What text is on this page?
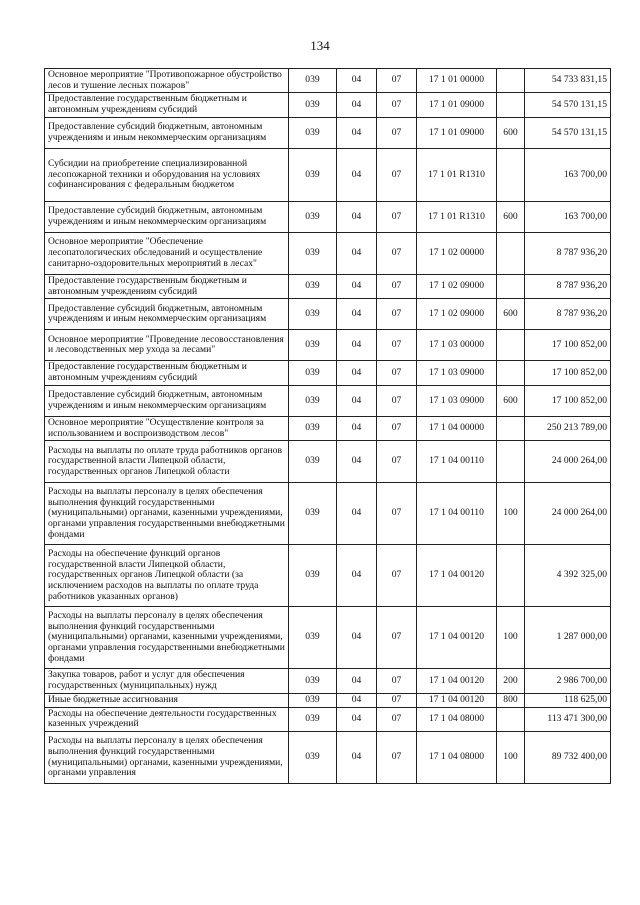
134
Основное мероприятие "Противопожарное обустройство лесов и тушение лесных пожаров"	039	04	07	17 1 01 00000		54 733 831,15
Предоставление государственным бюджетным и автономным учреждениям субсидий	039	04	07	17 1 01 09000		54 570 131,15
Предоставление субсидий бюджетным, автономным учреждениям и иным некоммерческим организациям	039	04	07	17 1 01 09000	600	54 570 131,15
Субсидии на приобретение специализированной лесопожарной техники и оборудования на условиях софинансирования с федеральным бюджетом	039	04	07	17 1 01 R1310		163 700,00
Предоставление субсидий бюджетным, автономным учреждениям и иным некоммерческим организациям	039	04	07	17 1 01 R1310	600	163 700,00
Основное мероприятие "Обеспечение лесопатологических обследований и осуществление санитарно-оздоровительных мероприятий в лесах"	039	04	07	17 1 02 00000		8 787 936,20
Предоставление государственным бюджетным и автономным учреждениям субсидий	039	04	07	17 1 02 09000		8 787 936,20
Предоставление субсидий бюджетным, автономным учреждениям и иным некоммерческим организациям	039	04	07	17 1 02 09000	600	8 787 936,20
Основное мероприятие "Проведение лесовосстановления и лесоводственных мер ухода за лесами"	039	04	07	17 1 03 00000		17 100 852,00
Предоставление государственным бюджетным и автономным учреждениям субсидий	039	04	07	17 1 03 09000		17 100 852,00
Предоставление субсидий бюджетным, автономным учреждениям и иным некоммерческим организациям	039	04	07	17 1 03 09000	600	17 100 852,00
Основное мероприятие "Осуществление контроля за использованием и воспроизводством лесов"	039	04	07	17 1 04 00000		250 213 789,00
Расходы на выплаты по оплате труда работников органов государственной власти Липецкой области, государственных органов Липецкой области	039	04	07	17 1 04 00110		24 000 264,00
Расходы на выплаты персоналу в целях обеспечения выполнения функций государственными (муниципальными) органами, казенными учреждениями, органами управления государственными внебюджетными фондами	039	04	07	17 1 04 00110	100	24 000 264,00
Расходы на обеспечение функций органов государственной власти Липецкой области, государственных органов Липецкой области (за исключением расходов на выплаты по оплате труда работников указанных органов)	039	04	07	17 1 04 00120		4 392 325,00
Расходы на выплаты персоналу в целях обеспечения выполнения функций государственными (муниципальными) органами, казенными учреждениями, органами управления государственными внебюджетными фондами	039	04	07	17 1 04 00120	100	1 287 000,00
Закупка товаров, работ и услуг для обеспечения государственных (муниципальных) нужд	039	04	07	17 1 04 00120	200	2 986 700,00
Иные бюджетные ассигнования	039	04	07	17 1 04 00120	800	118 625,00
Расходы на обеспечение деятельности государственных казенных учреждений	039	04	07	17 1 04 08000		113 471 300,00
Расходы на выплаты персоналу в целях обеспечения выполнения функций государственными (муниципальными) органами, казенными учреждениями, органами управления	039	04	07	17 1 04 08000	100	89 732 400,00
